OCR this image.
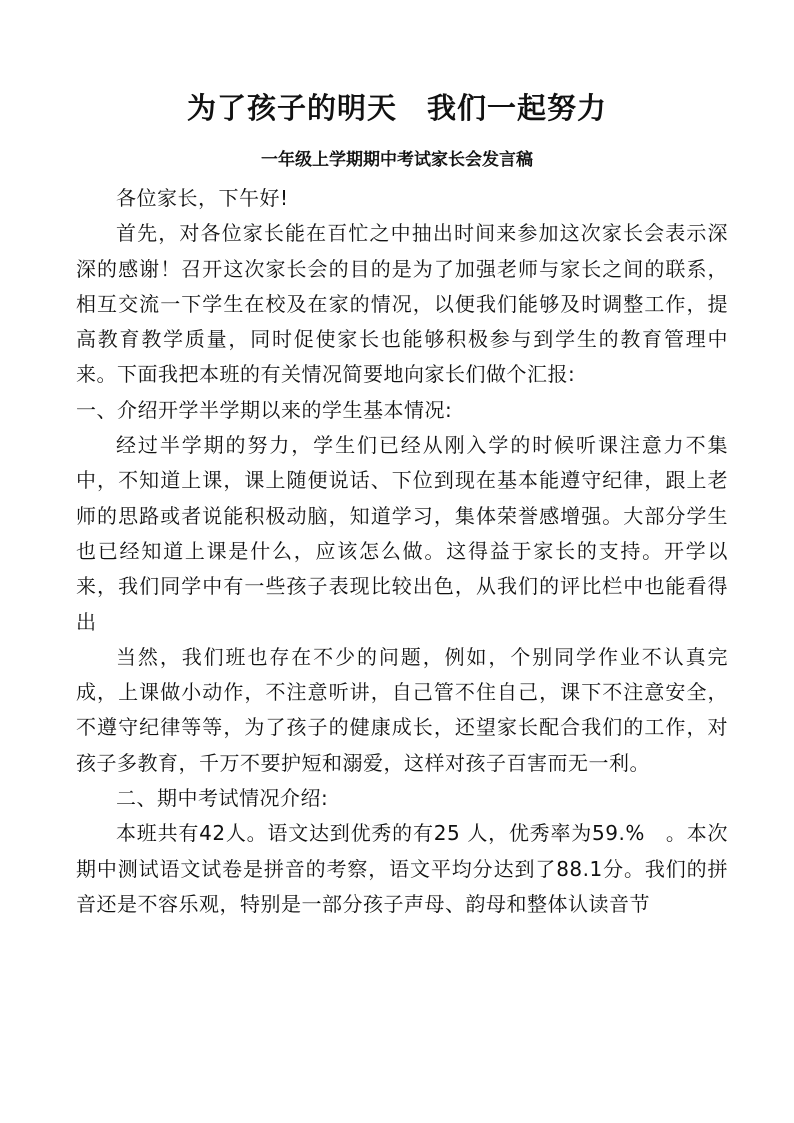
为了孩子的明天　我们一起努力
一年级上学期期中考试家长会发言稿

各位家长，下午好!

首先，对各位家长能在百忙之中抽出时间来参加这次家长会表示深深的感谢！召开这次家长会的目的是为了加强老师与家长之间的联系，相互交流一下学生在校及在家的情况，以便我们能够及时调整工作，提高教育教学质量，同时促使家长也能够积极参与到学生的教育管理中来。下面我把本班的有关情况简要地向家长们做个汇报:

一、介绍开学半学期以来的学生基本情况:

经过半学期的努力，学生们已经从刚入学的时候听课注意力不集中，不知道上课，课上随便说话、下位到现在基本能遵守纪律，跟上老师的思路或者说能积极动脑，知道学习，集体荣誉感增强。大部分学生也已经知道上课是什么，应该怎么做。这得益于家长的支持。开学以来，我们同学中有一些孩子表现比较出色，从我们的评比栏中也能看得出

当然，我们班也存在不少的问题，例如，个别同学作业不认真完成，上课做小动作，不注意听讲，自己管不住自己，课下不注意安全，不遵守纪律等等，为了孩子的健康成长，还望家长配合我们的工作，对孩子多教育，千万不要护短和溺爱，这样对孩子百害而无一利。

二、期中考试情况介绍:

本班共有42人。语文达到优秀的有25 人，优秀率为59.%　。本次期中测试语文试卷是拼音的考察，语文平均分达到了88.1分。我们的拼音还是不容乐观，特别是一部分孩子声母、韵母和整体认读音节
